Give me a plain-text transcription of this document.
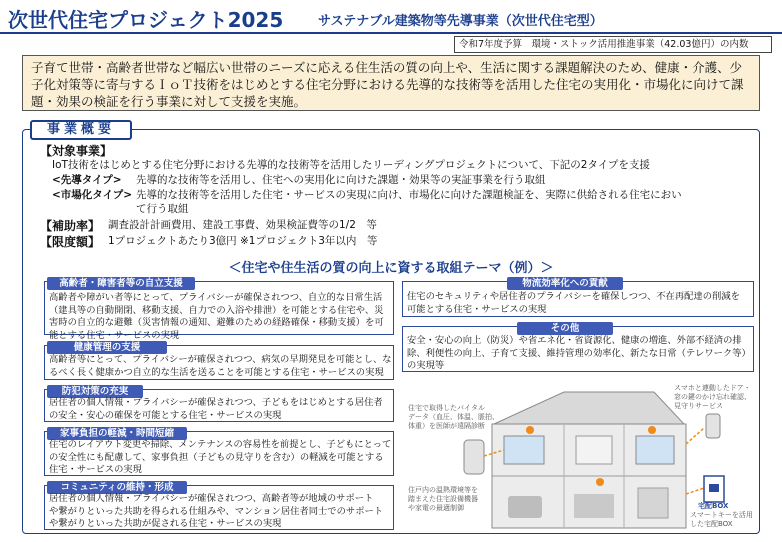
次世代住宅プロジェクト2025	サステナブル建築物等先導事業（次世代住宅型）
令和7年度予算　環境・ストック活用推進事業（42.03億円）の内数
子育て世帯・高齢者世帯など幅広い世帯のニーズに応える住生活の質の向上や、生活に関する課題解決のため、健康・介護、少子化対策等に寄与するＩｏＴ技術をはじめとする住宅分野における先導的な技術等を活用した住宅の実用化・市場化に向けて課題・効果の検証を行う事業に対して支援を実施。
事業概要
【対象事業】
IoT技術をはじめとする住宅分野における先導的な技術等を活用したリーディングプロジェクトについて、下記の2タイプを支援
<先導タイプ> 先導的な技術等を活用し、住宅への実用化に向けた課題・効果等の実証事業を行う取組
<市場化タイプ> 先導的な技術等を活用した住宅・サービスの実現に向け、市場化に向けた課題検証を、実際に供給される住宅におい
て行う取組
【補助率】 調査設計計画費用、建設工事費、効果検証費等の1/2　等
【限度額】 1プロジェクトあたり3億円 ※1プロジェクト3年以内　等
＜住宅や住生活の質の向上に資する取組テーマ（例）＞
高齢者・障害者等の自立支援
高齢者や障がい者等にとって、プライバシーが確保されつつ、自立的な日常生活
（建具等の自動開閉、移動支援、自力での入浴や排泄）を可能とする住宅や、災
害時の自立的な避難（災害情報の通知、避難のための経路確保・移動支援）を可
能とする住宅・サービスの実現
健康管理の支援
高齢者等にとって、プライバシーが確保されつつ、病気の早期発見を可能とし、な
るべく長く健康かつ自立的な生活を送ることを可能とする住宅・サービスの実現
防犯対策の充実
居住者の個人情報・プライバシーが確保されつつ、子どもをはじめとする居住者
の安全・安心の確保を可能とする住宅・サービスの実現
家事負担の軽減・時間短縮
住宅のレイアウト変更や掃除、メンテナンスの容易性を前提とし、子どもにとって
の安全性にも配慮して、家事負担（子どもの見守りを含む）の軽減を可能とする
住宅・サービスの実現
コミュニティの維持・形成
居住者の個人情報・プライバシーが確保されつつ、高齢者等が地域のサポート
や繋がりといった共助を得られる仕組みや、マンション居住者同士でのサポート
や繋がりといった共助が促される住宅・サービスの実現
物流効率化への貢献
住宅のセキュリティや居住者のプライバシーを確保しつつ、不在再配達の削減を
可能とする住宅・サービスの実現
その他
安全・安心の向上（防災）や省エネ化・省資源化、健康の増進、外部不経済の排
除、利便性の向上、子育て支援、維持管理の効率化、新たな日常（テレワーク等）
の実現等
住宅で取得したバイタル
データ（血圧、体温、脈拍、
体重）を医師が遠隔診断
スマホと連動したドア・
窓の鍵のかけ忘れ確認、
見守りサービス
住戸内の温熱環境等を
踏まえた住宅設備機器
や家電の最適制御	宅配BOX
スマートキーを活用
した宅配BOX
